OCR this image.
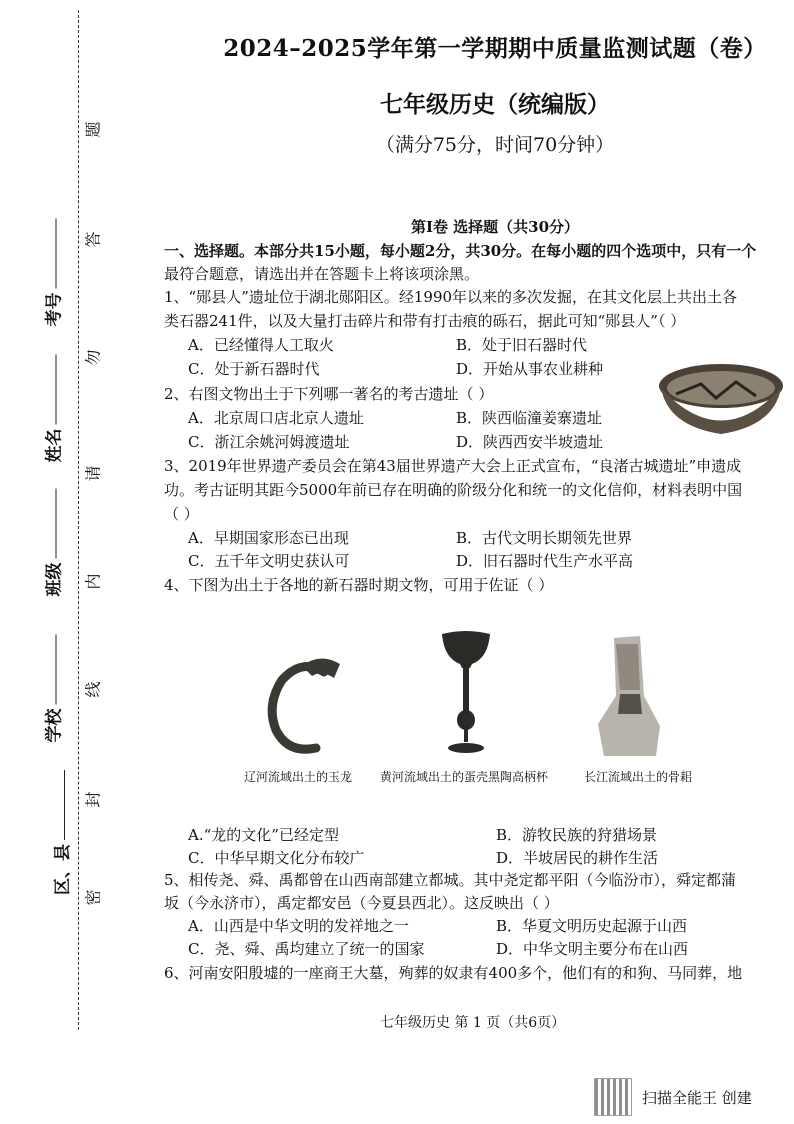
考号
姓名
班级
学校
区、县
题
答
勿
请
内
线
封
密
2024–2025学年第一学期期中质量监测试题（卷）
七年级历史（统编版）
（满分75分，时间70分钟）
第Ⅰ卷 选择题（共30分）
一、选择题。本部分共15小题，每小题2分，共30分。在每小题的四个选项中，只有一个
最符合题意，请选出并在答题卡上将该项涂黑。
1、“郧县人”遗址位于湖北郧阳区。经1990年以来的多次发掘，在其文化层上共出土各
类石器241件，以及大量打击碎片和带有打击痕的砾石，据此可知“郧县人”（ ）
A．已经懂得人工取火	B．处于旧石器时代
C．处于新石器时代	D．开始从事农业耕种
2、右图文物出土于下列哪一著名的考古遗址（ ）
A．北京周口店北京人遗址	B．陕西临潼姜寨遗址
C．浙江余姚河姆渡遗址	D．陕西西安半坡遗址
3、2019年世界遗产委员会在第43届世界遗产大会上正式宣布，“良渚古城遗址”申遗成
功。考古证明其距今5000年前已存在明确的阶级分化和统一的文化信仰，材料表明中国
（ ）
A．早期国家形态已出现	B．古代文明长期领先世界
C．五千年文明史获认可	D．旧石器时代生产水平高
4、下图为出土于各地的新石器时期文物，可用于佐证（ ）
辽河流域出土的玉龙 黄河流域出土的蛋壳黑陶高柄杯	长江流域出土的骨耜
A.“龙的文化”已经定型	B．游牧民族的狩猎场景
C．中华早期文化分布较广	D．半坡居民的耕作生活
5、相传尧、舜、禹都曾在山西南部建立都城。其中尧定都平阳（今临汾市），舜定都蒲
坂（今永济市），禹定都安邑（今夏县西北）。这反映出（ ）
A．山西是中华文明的发祥地之一	B．华夏文明历史起源于山西
C．尧、舜、禹均建立了统一的国家	D．中华文明主要分布在山西
6、河南安阳殷墟的一座商王大墓，殉葬的奴隶有400多个，他们有的和狗、马同葬，地
七年级历史 第 1 页（共6页）
扫描全能王 创建
